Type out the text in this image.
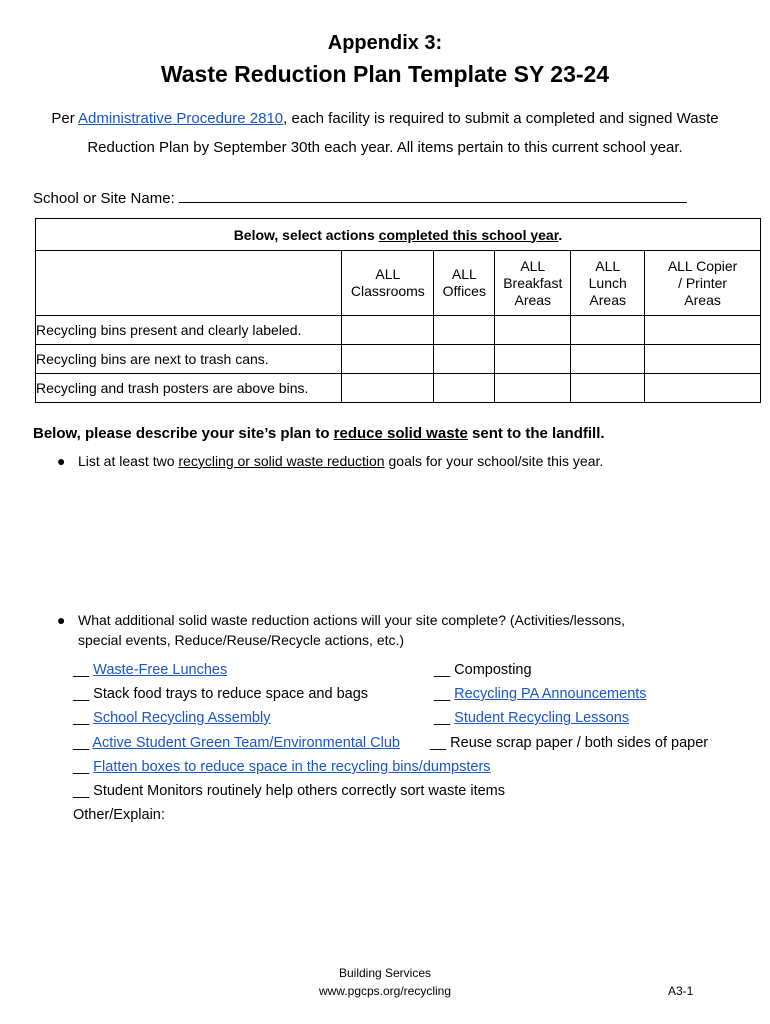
Appendix 3:
Waste Reduction Plan Template SY 23-24
Per Administrative Procedure 2810, each facility is required to submit a completed and signed Waste
Reduction Plan by September 30th each year. All items pertain to this current school year.
School or Site Name:
Below, select actions completed this school year.					
	ALL
Classrooms	ALL
Offices	ALL
Breakfast
Areas	ALL
Lunch
Areas	ALL Copier
/ Printer
Areas
Recycling bins present and clearly labeled.					
Recycling bins are next to trash cans.					
Recycling and trash posters are above bins.					
Below, please describe your site’s plan to reduce solid waste sent to the landfill.
● List at least two recycling or solid waste reduction goals for your school/site this year.
● What additional solid waste reduction actions will your site complete? (Activities/lessons,
special events, Reduce/Reuse/Recycle actions, etc.)
__ Waste-Free Lunches
__ Stack food trays to reduce space and bags
__ School Recycling Assembly
__ Active Student Green Team/Environmental Club
__ Composting
__ Recycling PA Announcements
__ Student Recycling Lessons
__ Reuse scrap paper / both sides of paper
__ Flatten boxes to reduce space in the recycling bins/dumpsters
__ Student Monitors routinely help others correctly sort waste items
Other/Explain:
Building Services
www.pgcps.org/recycling	A3-1
